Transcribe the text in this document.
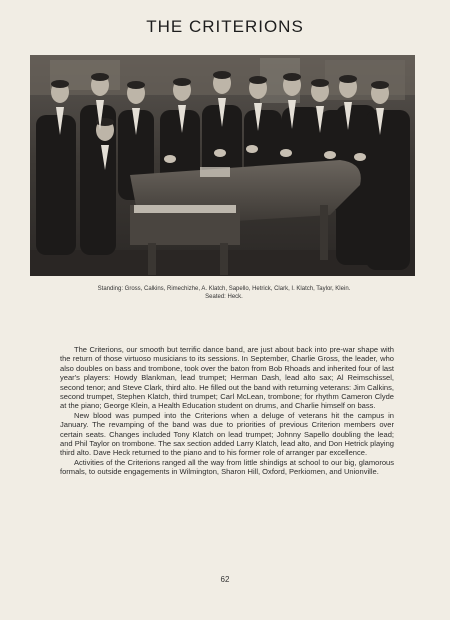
THE CRITERIONS
Standing: Gross, Calkins, Rimechizhe, A. Klatch, Sapello, Hetrick, Clark, I. Klatch, Taylor, Klein.
Seated: Heck.

The Criterions, our smooth but terrific dance band, are just about back into pre-war shape with the return of those virtuoso musicians to its sessions. In September, Charlie Gross, the leader, who also doubles on bass and trombone, took over the baton from Bob Rhoads and inherited four of last year's players: Howdy Blankman, lead trumpet; Herman Dash, lead alto sax; Al Reimschissel, second tenor; and Steve Clark, third alto. He filled out the band with returning veterans: Jim Calkins, second trumpet, Stephen Klatch, third trumpet; Carl McLean, trombone; for rhythm Cameron Clyde at the piano; George Klein, a Health Education student on drums, and Charlie himself on bass.

New blood was pumped into the Criterions when a deluge of veterans hit the campus in January. The revamping of the band was due to priorities of previous Criterion members over certain seats. Changes included Tony Klatch on lead trumpet; Johnny Sapello doubling the lead; and Phil Taylor on trombone. The sax section added Larry Klatch, lead alto, and Don Hetrick playing third alto. Dave Heck returned to the piano and to his former role of arranger par excellence.

Activities of the Criterions ranged all the way from little shindigs at school to our big, glamorous formals, to outside engagements in Wilmington, Sharon Hill, Oxford, Perkiomen, and Unionville.

62
